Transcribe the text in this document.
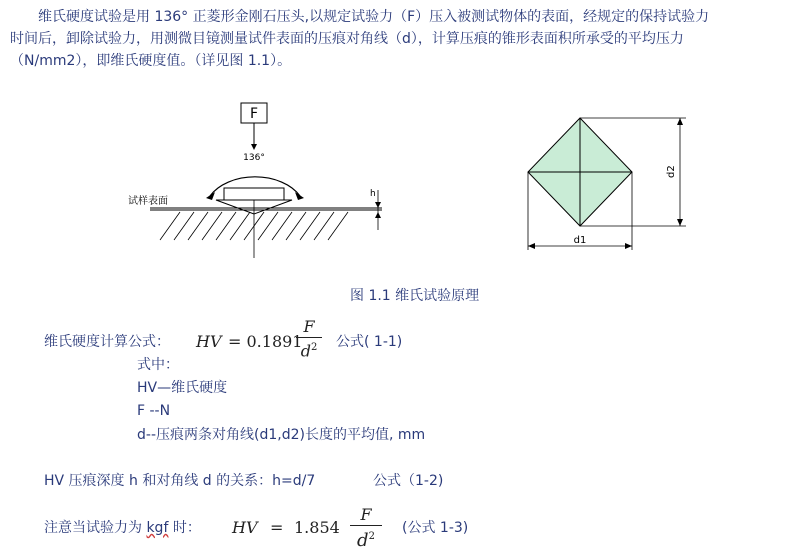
　　维氏硬度试验是用 136° 正菱形金刚石压头,以规定试验力（F）压入被测试物体的表面，经规定的保持试验力
时间后，卸除试验力，用测微目镜测量试件表面的压痕对角线（d），计算压痕的锥形表面积所承受的平均压力
（N/mm2），即维氏硬度值。（详见图 1.1）。
F
136°
试样表面
h
d2
d1
图 1.1 维氏试验原理
维氏硬度计算公式： HV = 0.1891
F
$d^2$	公式( 1-1)
式中：
HV—维氏硬度
F --N
d--压痕两条对角线(d1,d2)长度的平均值, mm
HV 压痕深度 h 和对角线 d 的关系：h=d/7	公式（1-2)
注意当试验力为 kgf 时： HV = 1.854
F
$d^2$
(公式 1-3)
